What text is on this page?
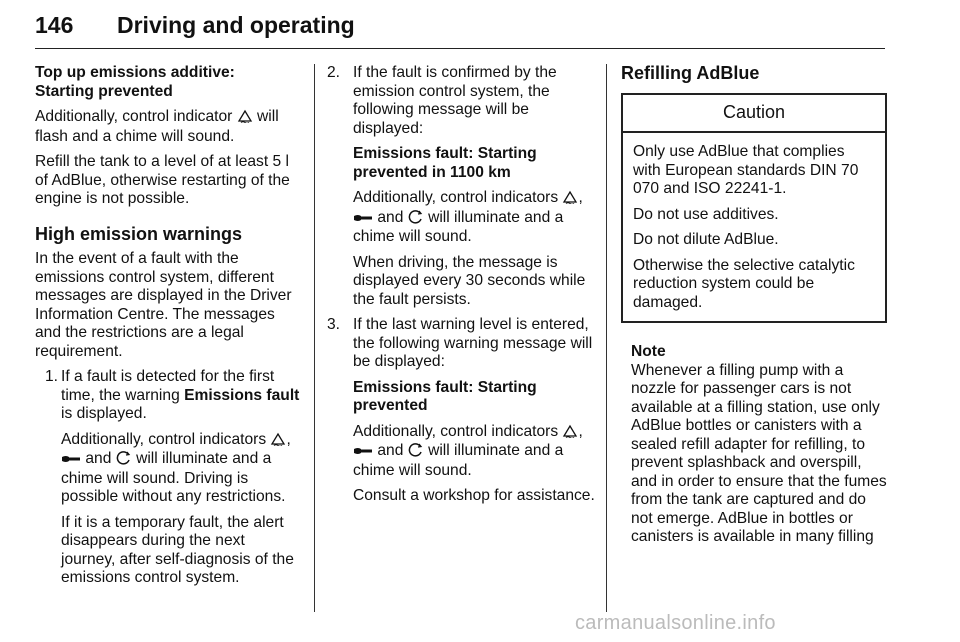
146 Driving and operating

Top up emissions additive:
Starting prevented

Additionally, control indicator will flash and a chime will sound.

Refill the tank to a level of at least 5 l of AdBlue, otherwise restarting of the engine is not possible.

High emission warnings

In the event of a fault with the emissions control system, different messages are displayed in the Driver Information Centre. The messages and the restrictions are a legal requirement.

1. If a fault is detected for the first time, the warning Emissions fault is displayed.

Additionally, control indicators ,  and will illuminate and a chime will sound. Driving is possible without any restrictions.

If it is a temporary fault, the alert disappears during the next journey, after self-diagnosis of the emissions control system.

2. If the fault is confirmed by the emission control system, the following message will be displayed:

Emissions fault: Starting prevented in 1100 km

Additionally, control indicators ,  and will illuminate and a chime will sound.

When driving, the message is displayed every 30 seconds while the fault persists.

3. If the last warning level is entered, the following warning message will be displayed:

Emissions fault: Starting prevented

Additionally, control indicators ,  and will illuminate and a chime will sound.

Consult a workshop for assistance.

Refilling AdBlue

Caution

Only use AdBlue that complies with European standards DIN 70 070 and ISO 22241-1.

Do not use additives.

Do not dilute AdBlue.

Otherwise the selective catalytic reduction system could be damaged.

Note

Whenever a filling pump with a nozzle for passenger cars is not available at a filling station, use only AdBlue bottles or canisters with a sealed refill adapter for refilling, to prevent splashback and overspill, and in order to ensure that the fumes from the tank are captured and do not emerge. AdBlue in bottles or canisters is available in many filling

carmanualsonline.info
